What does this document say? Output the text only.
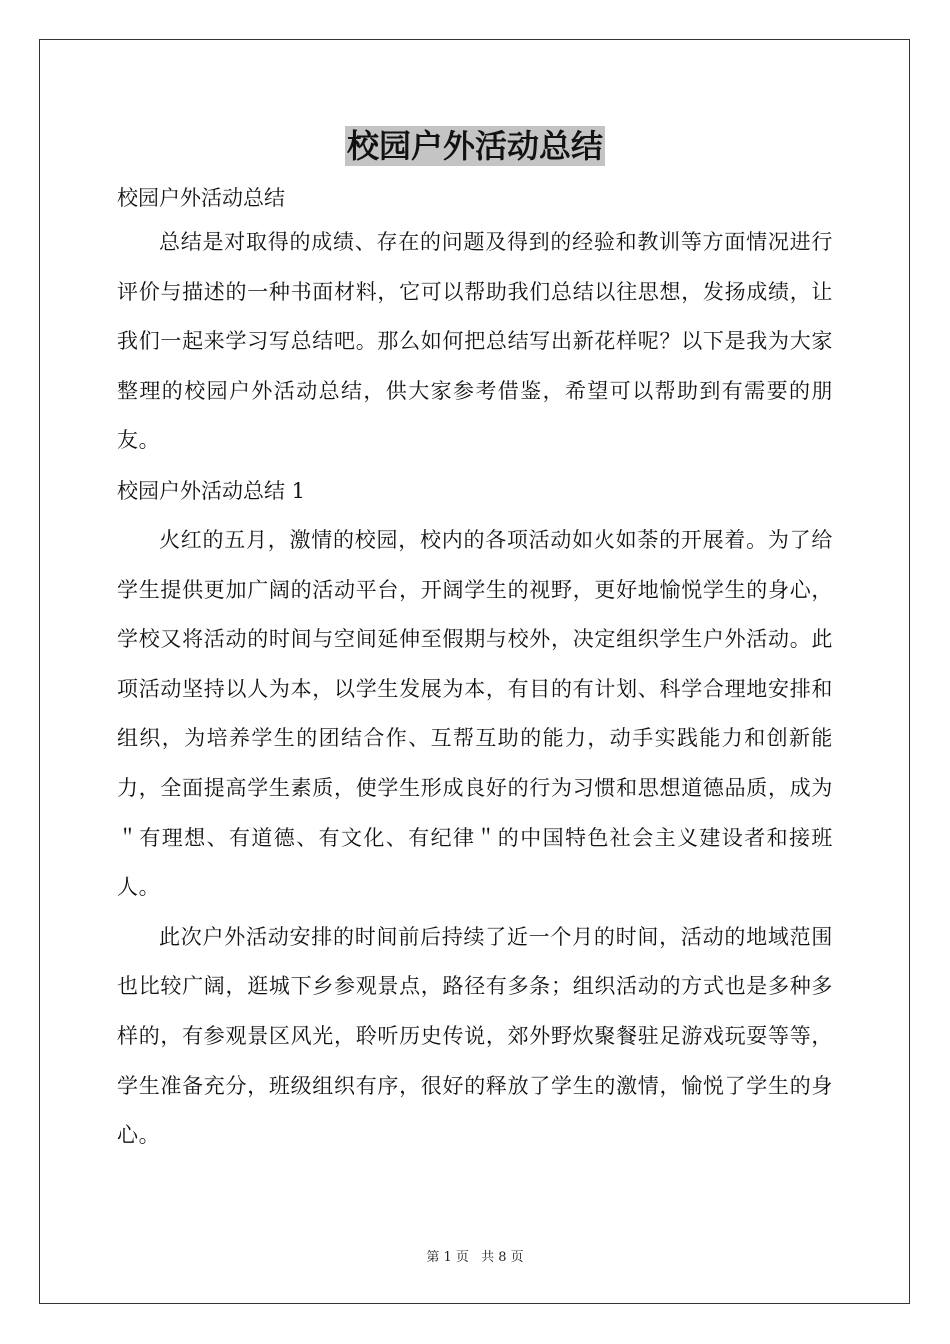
校园户外活动总结

校园户外活动总结

总结是对取得的成绩、存在的问题及得到的经验和教训等方面情况进行评价与描述的一种书面材料，它可以帮助我们总结以往思想，发扬成绩，让我们一起来学习写总结吧。那么如何把总结写出新花样呢？以下是我为大家整理的校园户外活动总结，供大家参考借鉴，希望可以帮助到有需要的朋友。

校园户外活动总结 1

火红的五月，激情的校园，校内的各项活动如火如荼的开展着。为了给学生提供更加广阔的活动平台，开阔学生的视野，更好地愉悦学生的身心，学校又将活动的时间与空间延伸至假期与校外，决定组织学生户外活动。此项活动坚持以人为本，以学生发展为本，有目的有计划、科学合理地安排和组织，为培养学生的团结合作、互帮互助的能力，动手实践能力和创新能力，全面提高学生素质，使学生形成良好的行为习惯和思想道德品质，成为＂有理想、有道德、有文化、有纪律＂的中国特色社会主义建设者和接班人。

此次户外活动安排的时间前后持续了近一个月的时间，活动的地域范围也比较广阔，逛城下乡参观景点，路径有多条；组织活动的方式也是多种多样的，有参观景区风光，聆听历史传说，郊外野炊聚餐驻足游戏玩耍等等，学生准备充分，班级组织有序，很好的释放了学生的激情，愉悦了学生的身心。

第 1 页 共 8 页
